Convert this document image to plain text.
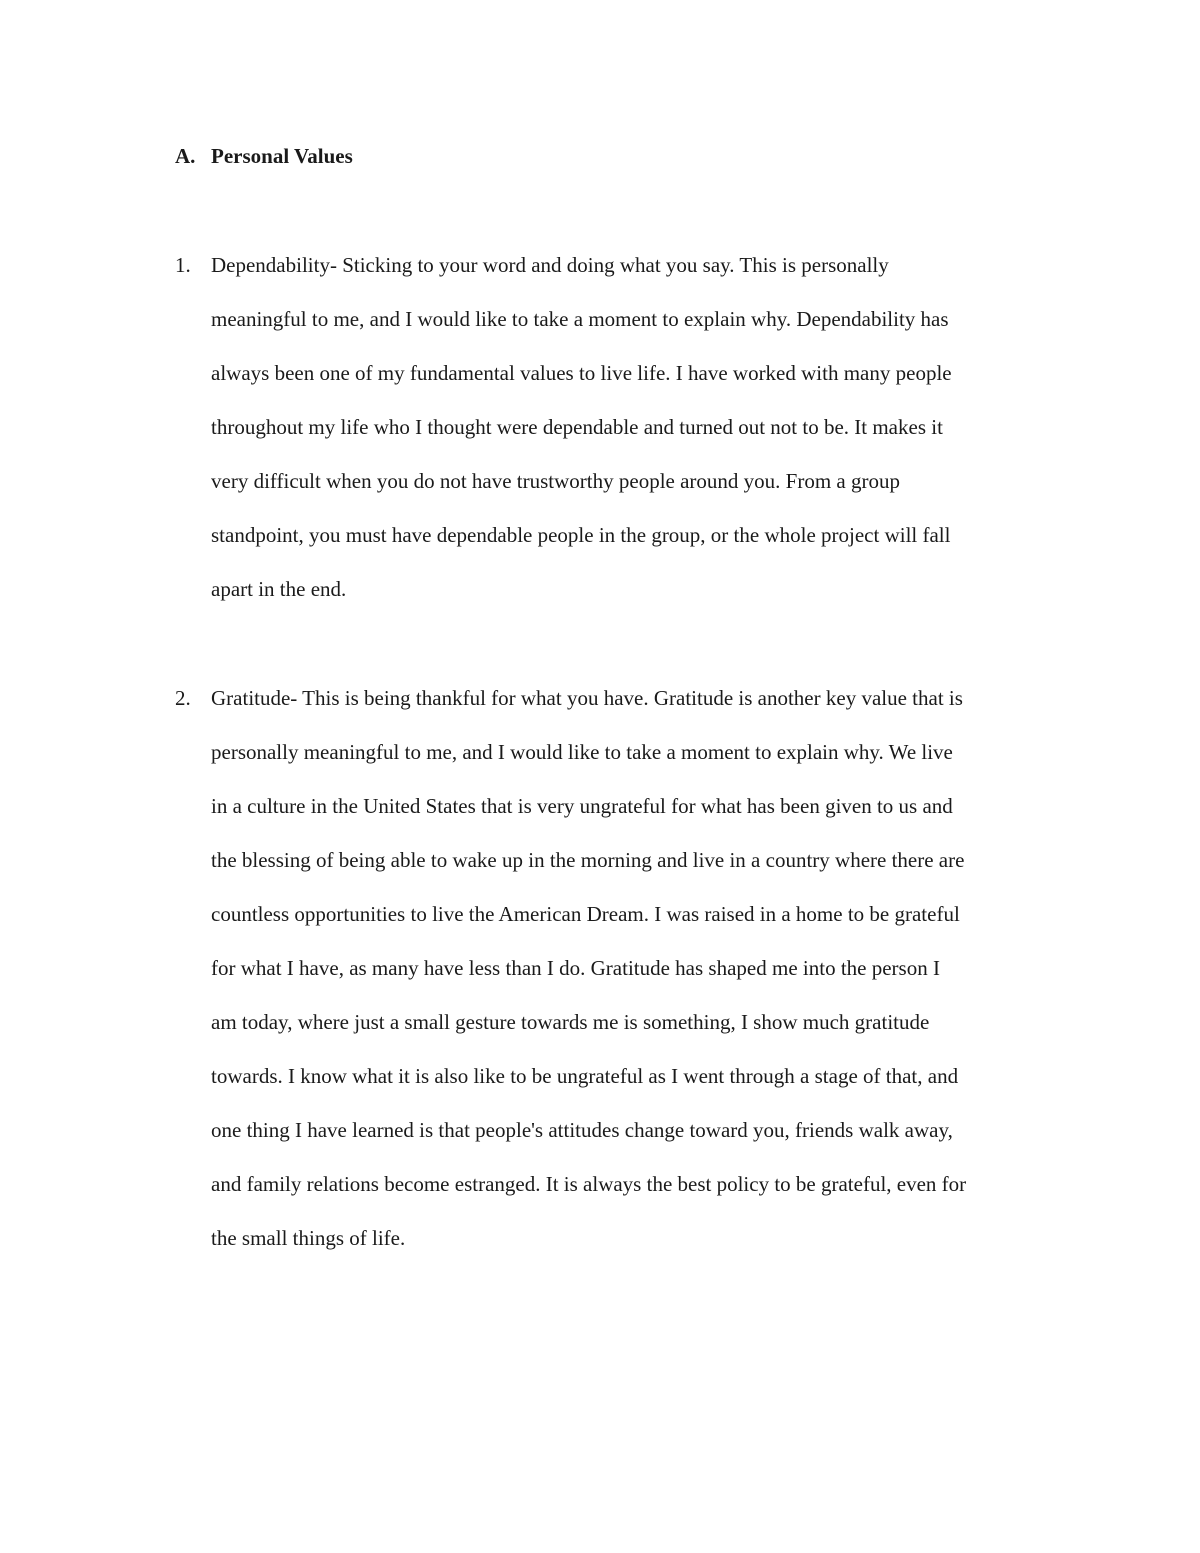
A. Personal Values
1. Dependability- Sticking to your word and doing what you say. This is personally
meaningful to me, and I would like to take a moment to explain why. Dependability has
always been one of my fundamental values to live life. I have worked with many people
throughout my life who I thought were dependable and turned out not to be. It makes it
very difficult when you do not have trustworthy people around you. From a group
standpoint, you must have dependable people in the group, or the whole project will fall
apart in the end.
2. Gratitude- This is being thankful for what you have. Gratitude is another key value that is
personally meaningful to me, and I would like to take a moment to explain why. We live
in a culture in the United States that is very ungrateful for what has been given to us and
the blessing of being able to wake up in the morning and live in a country where there are
countless opportunities to live the American Dream. I was raised in a home to be grateful
for what I have, as many have less than I do. Gratitude has shaped me into the person I
am today, where just a small gesture towards me is something, I show much gratitude
towards. I know what it is also like to be ungrateful as I went through a stage of that, and
one thing I have learned is that people's attitudes change toward you, friends walk away,
and family relations become estranged. It is always the best policy to be grateful, even for
the small things of life.
